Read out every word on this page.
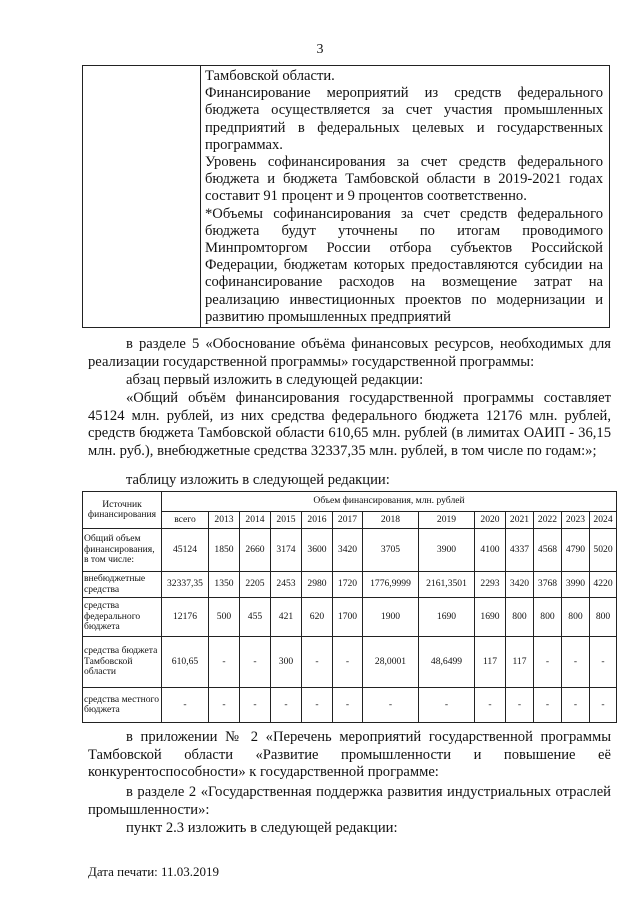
3

Тамбовской области.

Финансирование мероприятий из средств федерального бюджета осуществляется за счет участия промышленных предприятий в федеральных целевых и государственных программах.

Уровень софинансирования за счет средств федерального бюджета и бюджета Тамбовской области в 2019-2021 годах составит 91 процент и 9 процентов соответственно.

*Объемы софинансирования за счет средств федерального бюджета будут уточнены по итогам проводимого Минпромторгом России отбора субъектов Российской Федерации, бюджетам которых предоставляются субсидии на софинансирование расходов на возмещение затрат на реализацию инвестиционных проектов по модернизации и развитию промышленных предприятий

в разделе 5 «Обоснование объёма финансовых ресурсов, необходимых для реализации государственной программы» государственной программы:

абзац первый изложить в следующей редакции:

«Общий объём финансирования государственной программы составляет 45124 млн. рублей, из них средства федерального бюджета 12176 млн. рублей, средств бюджета Тамбовской области 610,65 млн. рублей (в лимитах ОАИП - 36,15 млн. руб.), внебюджетные средства 32337,35 млн. рублей, в том числе по годам:»;

таблицу изложить в следующей редакции:

Источник финансирования	Объем финансирования, млн. рублей												
	всего	2013	2014	2015	2016	2017	2018	2019	2020	2021	2022	2023	2024
Общий объем финансирования, в том числе:	45124	1850	2660	3174	3600	3420	3705	3900	4100	4337	4568	4790	5020
внебюджетные средства	32337,35	1350	2205	2453	2980	1720	1776,9999	2161,3501	2293	3420	3768	3990	4220
средства федерального бюджета	12176	500	455	421	620	1700	1900	1690	1690	800	800	800	800
средства бюджета Тамбовской области	610,65	-	-	300	-	-	28,0001	48,6499	117	117	-	-	-
средства местного бюджета	-	-	-	-	-	-	-	-	-	-	-	-	-

в приложении № 2 «Перечень мероприятий государственной программы Тамбовской области «Развитие промышленности и повышение её конкурентоспособности» к государственной программе:

в разделе 2 «Государственная поддержка развития индустриальных отраслей промышленности»:

пункт 2.3 изложить в следующей редакции:

Дата печати: 11.03.2019
